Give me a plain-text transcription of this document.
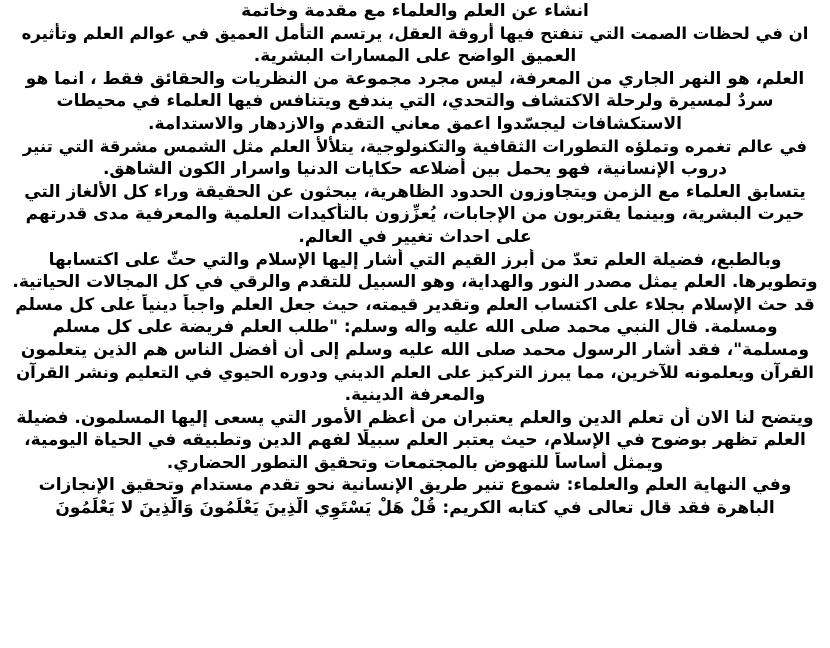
انشاء عن العلم والعلماء مع مقدمة وخاتمة

ان في لحظات الصمت التي تنفتح فيها أروقة العقل، يرتسم التأمل العميق في عوالم العلم وتأثيره

العميق الواضح على المسارات البشرية.

العلم، هو النهر الجاري من المعرفة، ليس مجرد مجموعة من النظريات والحقائق فقط ، انما هو

سردٌ لمسيرة ولرحلة الاكتشاف والتحدي، التي يندفع ويتنافس فيها العلماء في محيطات

الاستكشافات ليجسّدوا اعمق معاني التقدم والازدهار والاستدامة.

في عالم تغمره وتملؤه التطورات الثقافية والتكنولوجية، يتلألأ العلم مثل الشمس مشرقة التي تنير

دروب الإنسانية، فهو يحمل بين أضلاعه حكايات الدنيا واسرار الكون الشاهق.

يتسابق العلماء مع الزمن ويتجاوزون الحدود الظاهرية، يبحثون عن الحقيقة وراء كل الألغاز التي

حيرت البشرية، وبينما يقتربون من الإجابات، يُعزِّزون بالتأكيدات العلمية والمعرفية مدى قدرتهم

على احداث تغيير في العالم.

وبالطبع، فضيلة العلم تعدّ من أبرز القيم التي أشار إليها الإسلام والتي حثّ على اكتسابها

وتطويرها. العلم يمثل مصدر النور والهداية، وهو السبيل للتقدم والرقي في كل المجالات الحياتية.

قد حث الإسلام بجلاء على اكتساب العلم وتقدير قيمته، حيث جعل العلم واجباً دينياً على كل مسلم

ومسلمة. قال النبي محمد صلى الله عليه واله وسلم: "طلب العلم فريضة على كل مسلم

ومسلمة"، فقد أشار الرسول محمد صلى الله عليه وسلم إلى أن أفضل الناس هم الذين يتعلمون

القرآن ويعلمونه للآخرين، مما يبرز التركيز على العلم الديني ودوره الحيوي في التعليم ونشر القرآن

والمعرفة الدينية.

ويتضح لنا الان أن تعلم الدين والعلم يعتبران من أعظم الأمور التي يسعى إليها المسلمون. فضيلة

العلم تظهر بوضوح في الإسلام، حيث يعتبر العلم سبيلًا لفهم الدين وتطبيقه في الحياة اليومية،

ويمثل أساساً للنهوض بالمجتمعات وتحقيق التطور الحضاري.

وفي النهاية العلم والعلماء: شموع تنير طريق الإنسانية نحو تقدم مستدام وتحقيق الإنجازات

الباهرة فقد قال تعالى في كتابه الكريم: قُلْ هَلْ يَسْتَوِي الَّذِينَ يَعْلَمُونَ وَالَّذِينَ لا يَعْلَمُونَ
